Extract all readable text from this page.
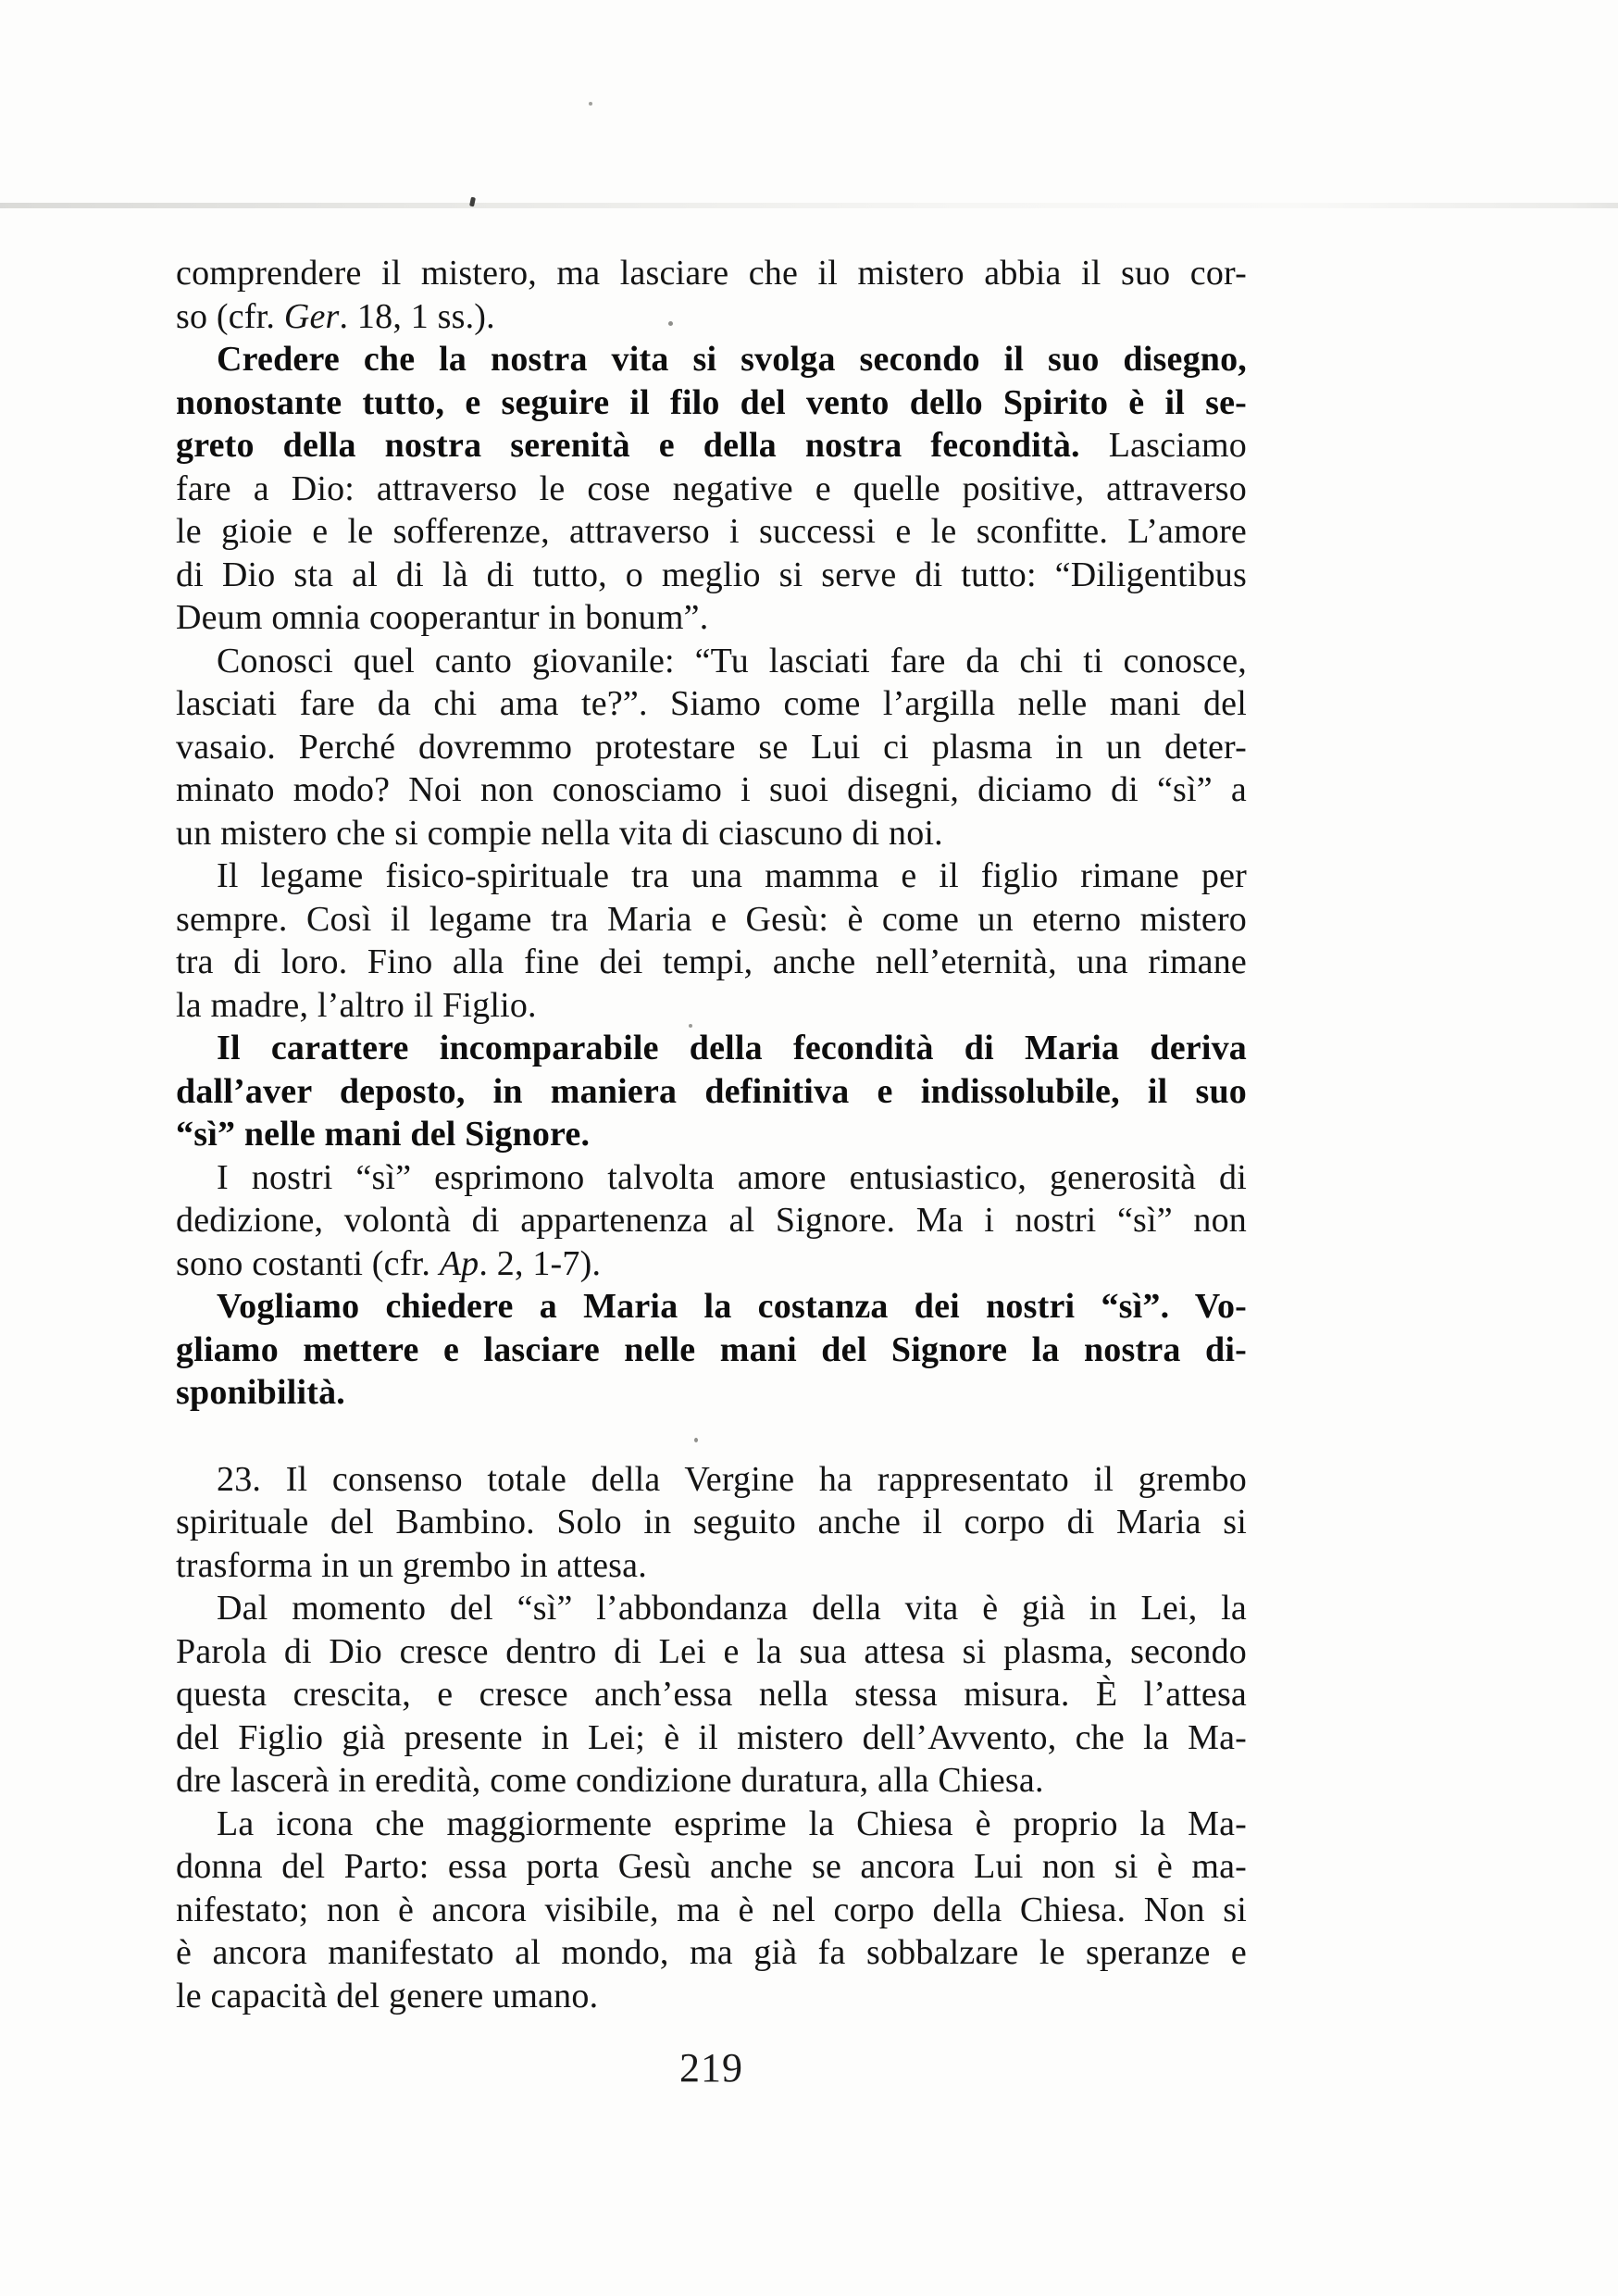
comprendere il mistero, ma lasciare che il mistero abbia il suo cor-
so (cfr. Ger. 18, 1 ss.).
Credere che la nostra vita si svolga secondo il suo disegno,
nonostante tutto, e seguire il filo del vento dello Spirito è il se-
greto della nostra serenità e della nostra fecondità. Lasciamo
fare a Dio: attraverso le cose negative e quelle positive, attraverso
le gioie e le sofferenze, attraverso i successi e le sconfitte. L’amore
di Dio sta al di là di tutto, o meglio si serve di tutto: “Diligentibus
Deum omnia cooperantur in bonum”.
Conosci quel canto giovanile: “Tu lasciati fare da chi ti conosce,
lasciati fare da chi ama te?”. Siamo come l’argilla nelle mani del
vasaio. Perché dovremmo protestare se Lui ci plasma in un deter-
minato modo? Noi non conosciamo i suoi disegni, diciamo di “sì” a
un mistero che si compie nella vita di ciascuno di noi.
Il legame fisico-spirituale tra una mamma e il figlio rimane per
sempre. Così il legame tra Maria e Gesù: è come un eterno mistero
tra di loro. Fino alla fine dei tempi, anche nell’eternità, una rimane
la madre, l’altro il Figlio.
Il carattere incomparabile della fecondità di Maria deriva
dall’aver deposto, in maniera definitiva e indissolubile, il suo
“sì” nelle mani del Signore.
I nostri “sì” esprimono talvolta amore entusiastico, generosità di
dedizione, volontà di appartenenza al Signore. Ma i nostri “sì” non
sono costanti (cfr. Ap. 2, 1-7).
Vogliamo chiedere a Maria la costanza dei nostri “sì”. Vo-
gliamo mettere e lasciare nelle mani del Signore la nostra di-
sponibilità.
23. Il consenso totale della Vergine ha rappresentato il grembo
spirituale del Bambino. Solo in seguito anche il corpo di Maria si
trasforma in un grembo in attesa.
Dal momento del “sì” l’abbondanza della vita è già in Lei, la
Parola di Dio cresce dentro di Lei e la sua attesa si plasma, secondo
questa crescita, e cresce anch’essa nella stessa misura. È l’attesa
del Figlio già presente in Lei; è il mistero dell’Avvento, che la Ma-
dre lascerà in eredità, come condizione duratura, alla Chiesa.
La icona che maggiormente esprime la Chiesa è proprio la Ma-
donna del Parto: essa porta Gesù anche se ancora Lui non si è ma-
nifestato; non è ancora visibile, ma è nel corpo della Chiesa. Non si
è ancora manifestato al mondo, ma già fa sobbalzare le speranze e
le capacità del genere umano.
219
